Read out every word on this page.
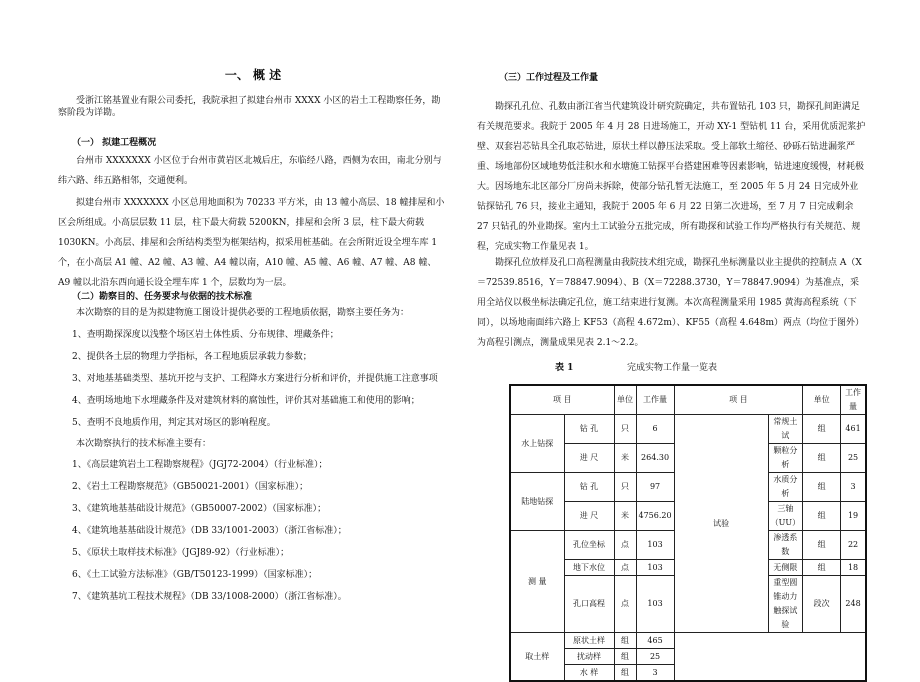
一、 概 述

受浙江铭基置业有限公司委托，我院承担了拟建台州市 XXXX 小区的岩土工程勘察任务，勘察阶段为详勘。

（一） 拟建工程概况

台州市 XXXXXXX 小区位于台州市黄岩区北城后庄，东临经八路，西侧为农田，南北分别与纬六路、纬五路相邻，交通便利。

拟建台州市 XXXXXXX 小区总用地面积为 70233 平方米，由 13 幢小高层、18 幢排屋和小区会所组成。小高层层数 11 层，柱下最大荷载 5200KN，排屋和会所 3 层，柱下最大荷载 1030KN。小高层、排屋和会所结构类型为框架结构，拟采用桩基础。在会所附近设全埋车库 1 个，在小高层 A1 幢、A2 幢、A3 幢、A4 幢以南，A10 幢、A5 幢、A6 幢、A7 幢、A8 幢、A9 幢以北沿东西向通长设全埋车库 1 个，层数均为一层。

（二）勘察目的、任务要求与依据的技术标准

本次勘察的目的是为拟建物施工图设计提供必要的工程地质依据，勘察主要任务为：

1、查明勘探深度以浅整个场区岩土体性质、分布规律、埋藏条件；

2、提供各土层的物理力学指标，各工程地质层承载力参数；

3、对地基基础类型、基坑开挖与支护、工程降水方案进行分析和评价，并提供施工注意事项

4、查明场地地下水埋藏条件及对建筑材料的腐蚀性，评价其对基础施工和使用的影响；

5、查明不良地质作用，判定其对场区的影响程度。

本次勘察执行的技术标准主要有：

1、《高层建筑岩土工程勘察规程》（JGJ72-2004）（行业标准）；

2、《岩土工程勘察规范》（GB50021-2001）（国家标准）；

3、《建筑地基基础设计规范》（GB50007-2002）（国家标准）；

4、《建筑地基基础设计规范》（DB 33/1001-2003）（浙江省标准）；

5、《原状土取样技术标准》（JGJ89-92）（行业标准）；

6、《土工试验方法标准》（GB/T50123-1999）（国家标准）；

7、《建筑基坑工程技术规程》（DB 33/1008-2000）（浙江省标准）。

（三）工作过程及工作量

勘探孔孔位、孔数由浙江省当代建筑设计研究院确定，共布置钻孔 103 只，勘探孔间距满足有关规范要求。我院于 2005 年 4 月 28 日进场施工，开动 XY-1 型钻机 11 台，采用优质泥浆护壁、双套岩芯钻具全孔取芯钻进，原状土样以静压法采取。受上部软土缩径、砂砾石钻进漏浆严重、场地部份区域地势低洼积水和水塘施工钻探平台搭建困难等因素影响，钻进速度缓慢，材耗极大。因场地东北区部分厂房尚未拆除，使部分钻孔暂无法施工，至 2005 年 5 月 24 日完成外业钻探钻孔 76 只，接业主通知，我院于 2005 年 6 月 22 日第二次进场，至 7 月 7 日完成剩余 27 只钻孔的外业勘探。室内土工试验分五批完成，所有勘探和试验工作均严格执行有关规范、规程，完成实物工作量见表 1。

勘探孔位放样及孔口高程测量由我院技术组完成，勘探孔坐标测量以业主提供的控制点 A（X＝72539.8516，Y＝78847.9094）、B（X＝72288.3730，Y＝78847.9094）为基准点，采用全站仪以极坐标法确定孔位，施工结束进行复测。本次高程测量采用 1985 黄海高程系统（下同），以场地南面纬六路上 KF53（高程 4.672m）、KF55（高程 4.648m）两点（均位于图外）为高程引测点，测量成果见表 2.1～2.2。

表 1	完成实物工作量一览表
项 目		单位	工作量	项 目		单位	工作量
水上钻探	钻 孔	只	6	试验	常规土试	组	461
	进 尺	米	264.30		颗粒分析	组	25
陆地钻探	钻 孔	只	97		水质分析	组	3
	进 尺	米	4756.20		三轴（UU）	组	19
测 量	孔位坐标	点	103		渗透系数	组	22
	地下水位	点	103		无侧限	组	18
	孔口高程	点	103		重型圆锥动力触探试验	段次	248
取土样	原状土样	组	465				
	扰动样	组	25				
	水 样	组	3				
